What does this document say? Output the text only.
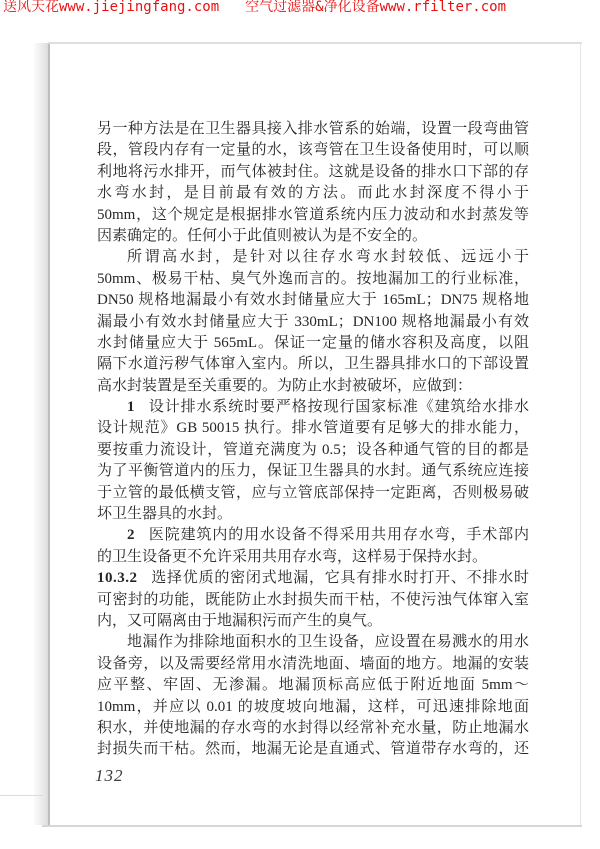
送风天花www.jiejingfang.com 空气过滤器&净化设备www.rfilter.com
另一种方法是在卫生器具接入排水管系的始端，设置一段弯曲管
段，管段内存有一定量的水，该弯管在卫生设备使用时，可以顺
利地将污水排开，而气体被封住。这就是设备的排水口下部的存
水弯水封，是目前最有效的方法。而此水封深度不得小于
50mm，这个规定是根据排水管道系统内压力波动和水封蒸发等
因素确定的。任何小于此值则被认为是不安全的。
所谓高水封，是针对以往存水弯水封较低、远远小于
50mm、极易干枯、臭气外逸而言的。按地漏加工的行业标准，
DN50 规格地漏最小有效水封储量应大于 165mL；DN75 规格地
漏最小有效水封储量应大于 330mL；DN100 规格地漏最小有效
水封储量应大于 565mL。保证一定量的储水容积及高度，以阻
隔下水道污秽气体窜入室内。所以，卫生器具排水口的下部设置
高水封装置是至关重要的。为防止水封被破坏，应做到：
1 设计排水系统时要严格按现行国家标准《建筑给水排水
设计规范》GB 50015 执行。排水管道要有足够大的排水能力，
要按重力流设计，管道充满度为 0.5；设各种通气管的目的都是
为了平衡管道内的压力，保证卫生器具的水封。通气系统应连接
于立管的最低横支管，应与立管底部保持一定距离，否则极易破
坏卫生器具的水封。
2 医院建筑内的用水设备不得采用共用存水弯，手术部内
的卫生设备更不允许采用共用存水弯，这样易于保持水封。
10.3.2 选择优质的密闭式地漏，它具有排水时打开、不排水时
可密封的功能，既能防止水封损失而干枯，不使污浊气体窜入室
内，又可隔离由于地漏积污而产生的臭气。
地漏作为排除地面积水的卫生设备，应设置在易溅水的用水
设备旁，以及需要经常用水清洗地面、墙面的地方。地漏的安装
应平整、牢固、无渗漏。地漏顶标高应低于附近地面 5mm～
10mm，并应以 0.01 的坡度坡向地漏，这样，可迅速排除地面
积水，并使地漏的存水弯的水封得以经常补充水量，防止地漏水
封损失而干枯。然而，地漏无论是直通式、管道带存水弯的，还
132
